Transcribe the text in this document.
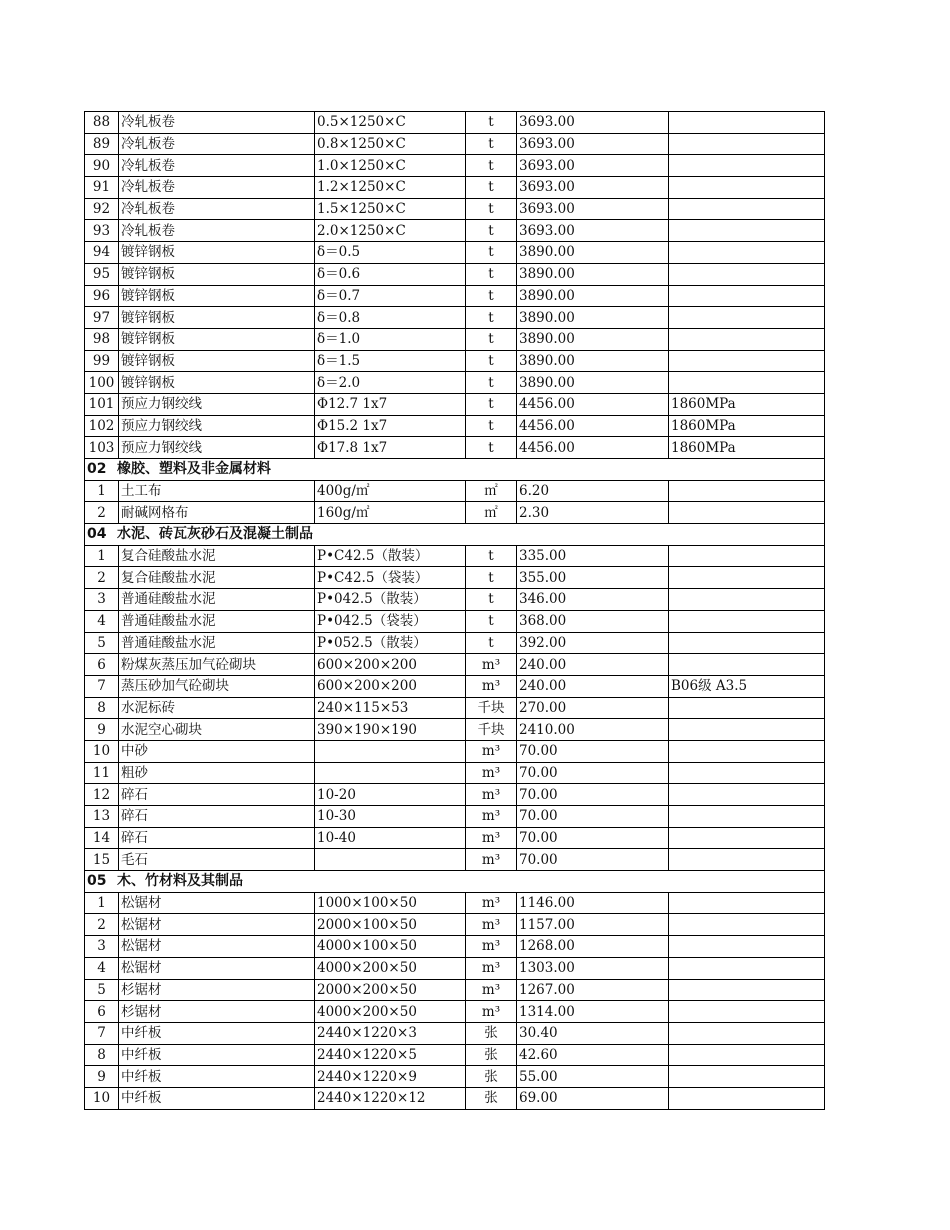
88	冷轧板卷	0.5×1250×C	t	3693.00	
89	冷轧板卷	0.8×1250×C	t	3693.00	
90	冷轧板卷	1.0×1250×C	t	3693.00	
91	冷轧板卷	1.2×1250×C	t	3693.00	
92	冷轧板卷	1.5×1250×C	t	3693.00	
93	冷轧板卷	2.0×1250×C	t	3693.00	
94	镀锌钢板	δ＝0.5	t	3890.00	
95	镀锌钢板	δ＝0.6	t	3890.00	
96	镀锌钢板	δ＝0.7	t	3890.00	
97	镀锌钢板	δ＝0.8	t	3890.00	
98	镀锌钢板	δ＝1.0	t	3890.00	
99	镀锌钢板	δ＝1.5	t	3890.00	
100	镀锌钢板	δ＝2.0	t	3890.00	
101	预应力钢绞线	Φ12.7 1x7	t	4456.00	1860MPa
102	预应力钢绞线	Φ15.2 1x7	t	4456.00	1860MPa
103	预应力钢绞线	Φ17.8 1x7	t	4456.00	1860MPa
02 橡胶、塑料及非金属材料					
1	土工布	400g/㎡	㎡	6.20	
2	耐碱网格布	160g/㎡	㎡	2.30	
04 水泥、砖瓦灰砂石及混凝土制品					
1	复合硅酸盐水泥	P•C42.5（散装）	t	335.00	
2	复合硅酸盐水泥	P•C42.5（袋装）	t	355.00	
3	普通硅酸盐水泥	P•042.5（散装）	t	346.00	
4	普通硅酸盐水泥	P•042.5（袋装）	t	368.00	
5	普通硅酸盐水泥	P•052.5（散装）	t	392.00	
6	粉煤灰蒸压加气砼砌块	600×200×200	m³	240.00	
7	蒸压砂加气砼砌块	600×200×200	m³	240.00	B06级 A3.5
8	水泥标砖	240×115×53	千块	270.00	
9	水泥空心砌块	390×190×190	千块	2410.00	
10	中砂		m³	70.00	
11	粗砂		m³	70.00	
12	碎石	10-20	m³	70.00	
13	碎石	10-30	m³	70.00	
14	碎石	10-40	m³	70.00	
15	毛石		m³	70.00	
05 木、竹材料及其制品					
1	松锯材	1000×100×50	m³	1146.00	
2	松锯材	2000×100×50	m³	1157.00	
3	松锯材	4000×100×50	m³	1268.00	
4	松锯材	4000×200×50	m³	1303.00	
5	杉锯材	2000×200×50	m³	1267.00	
6	杉锯材	4000×200×50	m³	1314.00	
7	中纤板	2440×1220×3	张	30.40	
8	中纤板	2440×1220×5	张	42.60	
9	中纤板	2440×1220×9	张	55.00	
10	中纤板	2440×1220×12	张	69.00	
